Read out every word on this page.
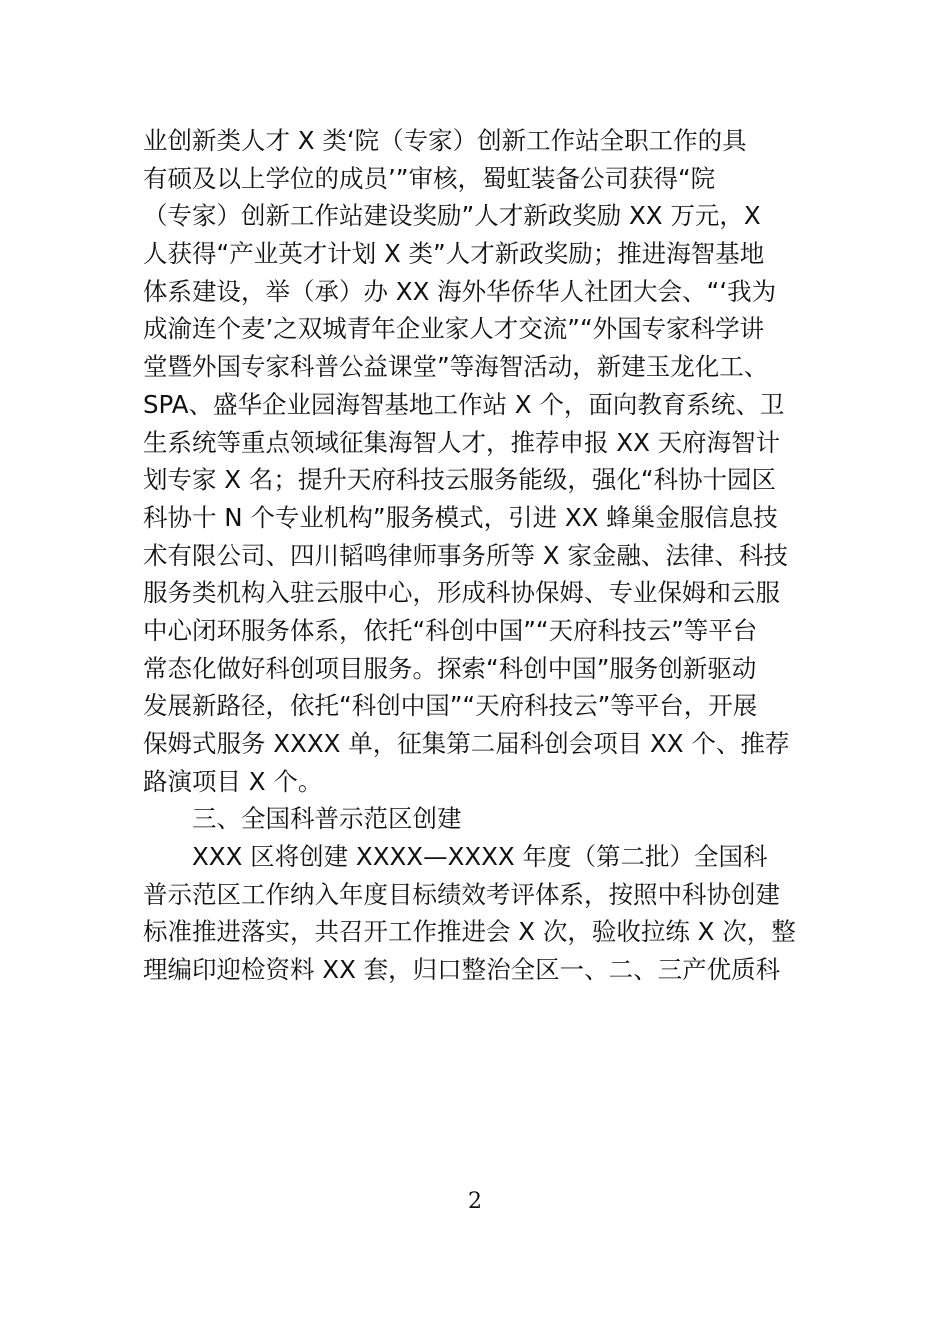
业创新类人才 X 类‘院（专家）创新工作站全职工作的具
有硕及以上学位的成员’”审核，蜀虹装备公司获得“院
（专家）创新工作站建设奖励”人才新政奖励 XX 万元，X
人获得“产业英才计划 X 类”人才新政奖励；推进海智基地
体系建设，举（承）办 XX 海外华侨华人社团大会、“‘我为
成渝连个麦’之双城青年企业家人才交流”“外国专家科学讲
堂暨外国专家科普公益课堂”等海智活动，新建玉龙化工、
SPA、盛华企业园海智基地工作站 X 个，面向教育系统、卫
生系统等重点领域征集海智人才，推荐申报 XX 天府海智计
划专家 X 名；提升天府科技云服务能级，强化“科协十园区
科协十 N 个专业机构”服务模式，引进 XX 蜂巢金服信息技
术有限公司、四川韬鸣律师事务所等 X 家金融、法律、科技
服务类机构入驻云服中心，形成科协保姆、专业保姆和云服
中心闭环服务体系，依托“科创中国”“天府科技云”等平台
常态化做好科创项目服务。探索“科创中国”服务创新驱动
发展新路径，依托“科创中国”“天府科技云”等平台，开展
保姆式服务 XXXX 单，征集第二届科创会项目 XX 个、推荐
路演项目 X 个。
三、全国科普示范区创建
XXX 区将创建 XXXX—XXXX 年度（第二批）全国科
普示范区工作纳入年度目标绩效考评体系，按照中科协创建
标准推进落实，共召开工作推进会 X 次，验收拉练 X 次，整
理编印迎检资料 XX 套，归口整治全区一、二、三产优质科
2
